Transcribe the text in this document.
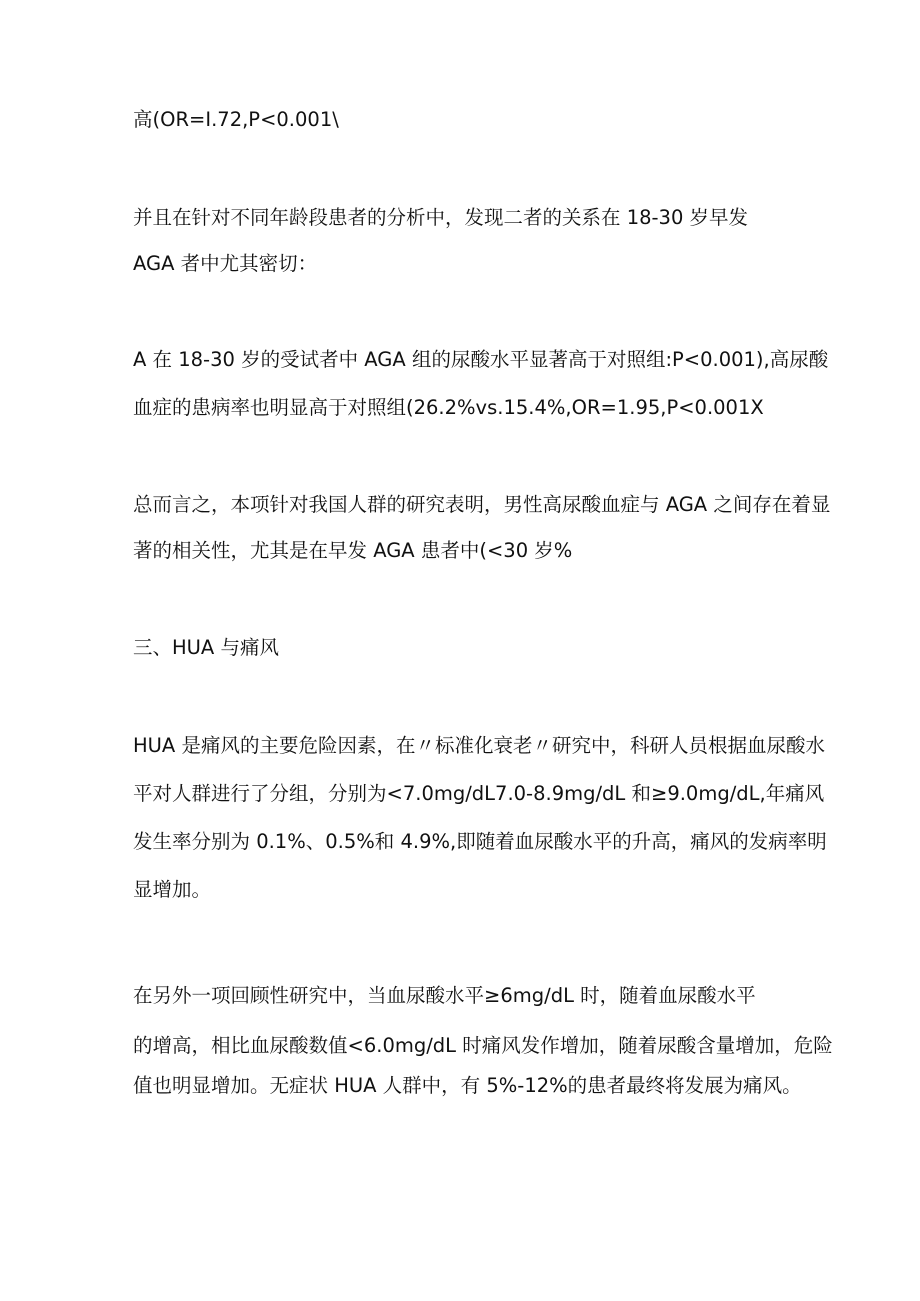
高(OR=I.72,P<0.001\

并且在针对不同年龄段患者的分析中，发现二者的关系在 18-30 岁早发

AGA 者中尤其密切：

A 在 18-30 岁的受试者中 AGA 组的尿酸水平显著高于对照组:P<0.001),高尿酸

血症的患病率也明显高于对照组(26.2%vs.15.4%,OR=1.95,P<0.001X

总而言之，本项针对我国人群的研究表明，男性高尿酸血症与 AGA 之间存在着显

著的相关性，尤其是在早发 AGA 患者中(<30 岁%

三、HUA 与痛风

HUA 是痛风的主要危险因素，在〃标准化衰老〃研究中，科研人员根据血尿酸水

平对人群进行了分组，分别为<7.0mg∕dL7.0-8.9mg∕dL 和≥9.0mg∕dL,年痛风

发生率分别为 0.1%、0.5%和 4.9%,即随着血尿酸水平的升高，痛风的发病率明

显增加。

在另外一项回顾性研究中，当血尿酸水平≥6mg∕dL 时，随着血尿酸水平

的增高，相比血尿酸数值<6.0mg∕dL 时痛风发作增加，随着尿酸含量增加，危险

值也明显增加。无症状 HUA 人群中，有 5%-12%的患者最终将发展为痛风。
